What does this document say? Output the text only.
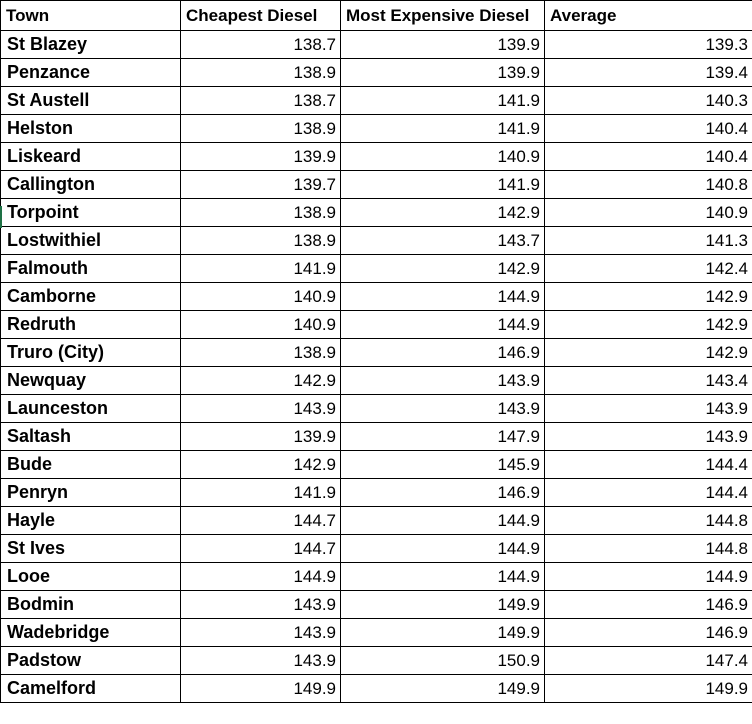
Town	Cheapest Diesel	Most Expensive Diesel	Average
St Blazey	138.7	139.9	139.3
Penzance	138.9	139.9	139.4
St Austell	138.7	141.9	140.3
Helston	138.9	141.9	140.4
Liskeard	139.9	140.9	140.4
Callington	139.7	141.9	140.8
Torpoint	138.9	142.9	140.9
Lostwithiel	138.9	143.7	141.3
Falmouth	141.9	142.9	142.4
Camborne	140.9	144.9	142.9
Redruth	140.9	144.9	142.9
Truro (City)	138.9	146.9	142.9
Newquay	142.9	143.9	143.4
Launceston	143.9	143.9	143.9
Saltash	139.9	147.9	143.9
Bude	142.9	145.9	144.4
Penryn	141.9	146.9	144.4
Hayle	144.7	144.9	144.8
St Ives	144.7	144.9	144.8
Looe	144.9	144.9	144.9
Bodmin	143.9	149.9	146.9
Wadebridge	143.9	149.9	146.9
Padstow	143.9	150.9	147.4
Camelford	149.9	149.9	149.9
